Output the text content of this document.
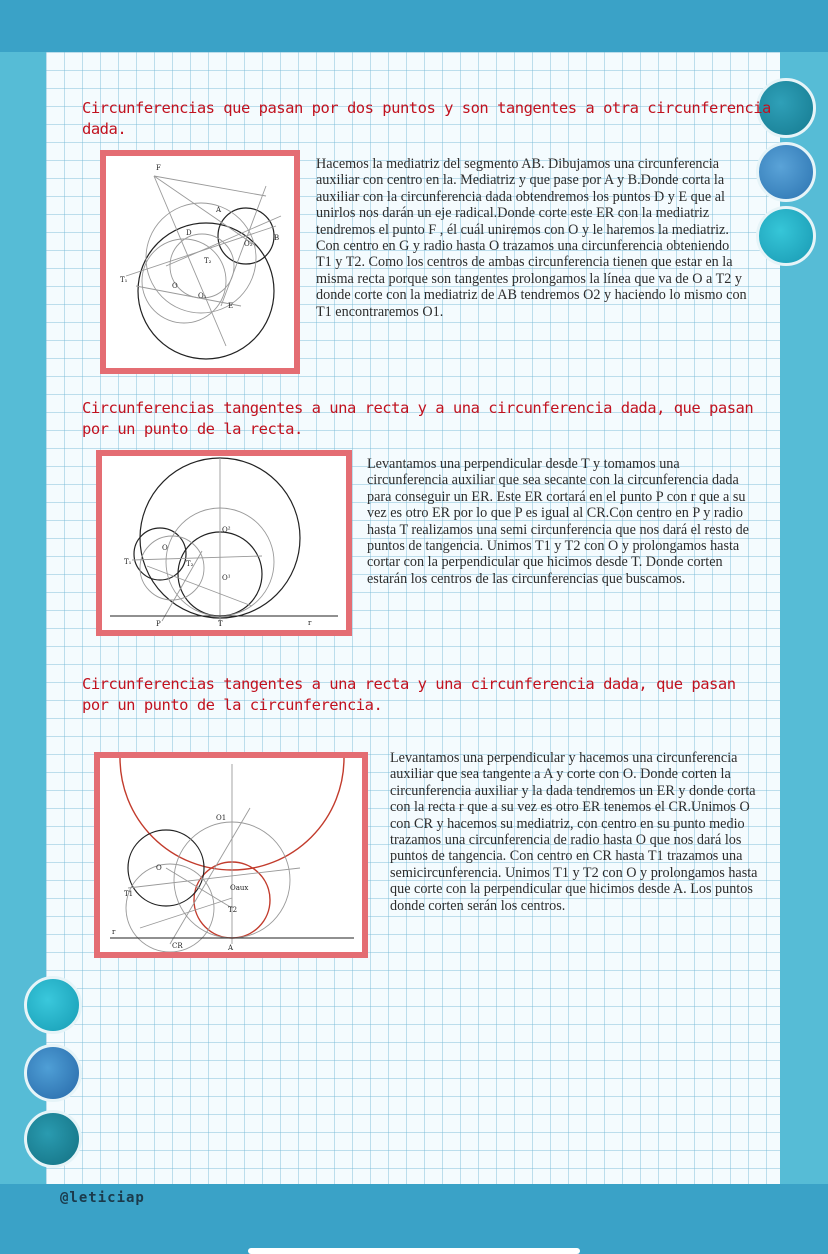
Circunferencias que pasan por dos puntos y son tangentes a otra circunferencia dada.

F
A
B
D
E
O
O₁
O₂
T₁
T₂

Hacemos la mediatriz del segmento AB. Dibujamos una circunferencia auxiliar con centro en la. Mediatriz y que pase por A y B.Donde corta la auxiliar con la circunferencia dada obtendremos los puntos D y E que al unirlos nos darán un eje radical.Donde corte este ER con la mediatriz tendremos el punto F , él cuál uniremos con O y le haremos la mediatriz. Con centro en G y radio hasta O trazamos una circunferencia obteniendo T1 y T2. Como los centros de ambas circunferencia tienen que estar en la misma recta porque son tangentes prolongamos la línea que va de O a T2 y donde corte con la mediatriz de AB tendremos O2 y haciendo lo mismo con T1 encontraremos O1.

Circunferencias tangentes a una recta y a una circunferencia dada, que pasan por un punto de la recta.

T₁	T₂
O
O¹
O²
P	T	r

Levantamos una perpendicular desde T y tomamos una circunferencia auxiliar que sea secante con la circunferencia dada para conseguir un ER. Este ER cortará en el punto P con r que a su vez es otro ER por lo que P es igual al CR.Con centro en P y radio hasta T realizamos una semi circunferencia que nos dará el resto de puntos de tangencia. Unimos T1 y T2 con O y prolongamos hasta cortar con la perpendicular que hicimos desde T. Donde corten estarán los centros de las circunferencias que buscamos.

Circunferencias tangentes a una recta y una circunferencia dada, que pasan por un punto de la circunferencia.

O
O1
Oaux
T1
T2
CR	A
r

Levantamos una perpendicular y hacemos una circunferencia auxiliar que sea tangente a A y corte con O. Donde corten la circunferencia auxiliar y la dada tendremos un ER y donde corta con la recta r que a su vez es otro ER tenemos el CR.Unimos O con CR y hacemos su mediatriz, con centro en su punto medio trazamos una circunferencia de radio hasta O que nos dará los puntos de tangencia. Con centro en CR hasta T1 trazamos una semicircunferencia. Unimos T1 y T2 con O y prolongamos hasta que corte con la perpendicular que hicimos desde A. Los puntos donde corten serán los centros.

@leticiap
